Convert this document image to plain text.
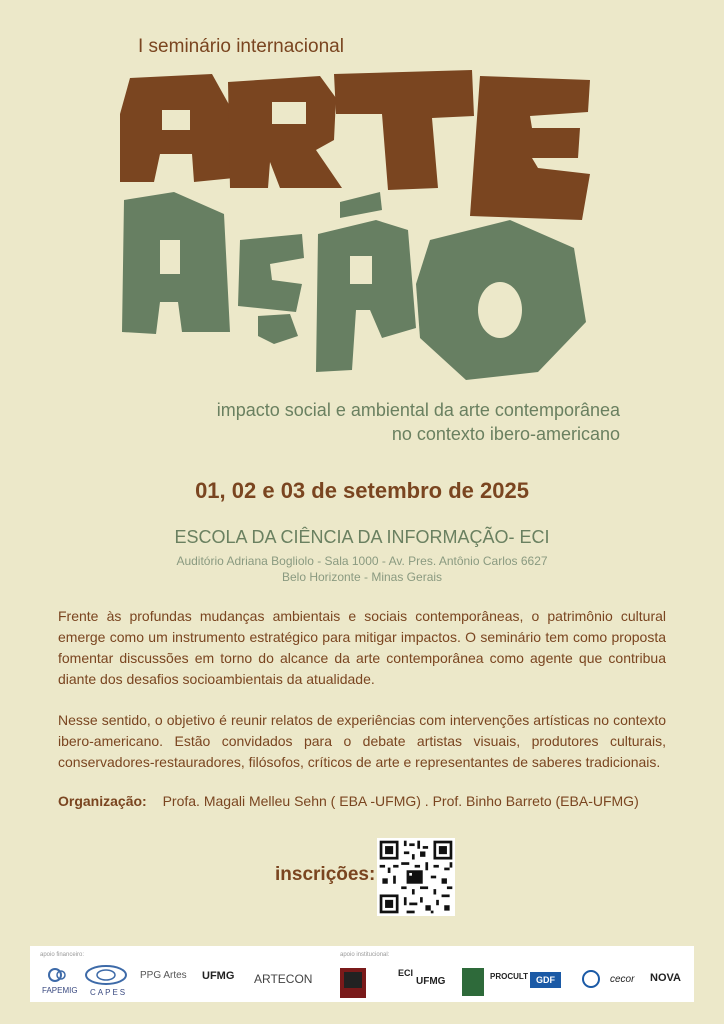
I seminário internacional
impacto social e ambiental da arte contemporânea
no contexto ibero-americano
01, 02 e 03 de setembro de 2025
ESCOLA DA CIÊNCIA DA INFORMAÇÃO- ECI
Auditório Adriana Bogliolo - Sala 1000 - Av. Pres. Antônio Carlos 6627
Belo Horizonte - Minas Gerais
Frente às profundas mudanças ambientais e sociais contemporâneas, o patrimônio cultural emerge como um instrumento estratégico para mitigar impactos. O seminário tem como proposta fomentar discussões em torno do alcance da arte contemporânea como agente que contribua diante dos desafios socioambientais da atualidade.
Nesse sentido, o objetivo é reunir relatos de experiências com intervenções artísticas no contexto ibero-americano. Estão convidados para o debate artistas visuais, produtores culturais, conservadores-restauradores, filósofos, críticos de arte e representantes de saberes tradicionais.
Organização: Profa. Magali Melleu Sehn ( EBA -UFMG) . Prof. Binho Barreto (EBA-UFMG)
inscrições:
apoio financeiro:	apoio institucional:
FAPEMIG CAPES
PPG Artes UFMG ARTECON	ECI
UFMG	PROCULT GDF	cecor NOVA
